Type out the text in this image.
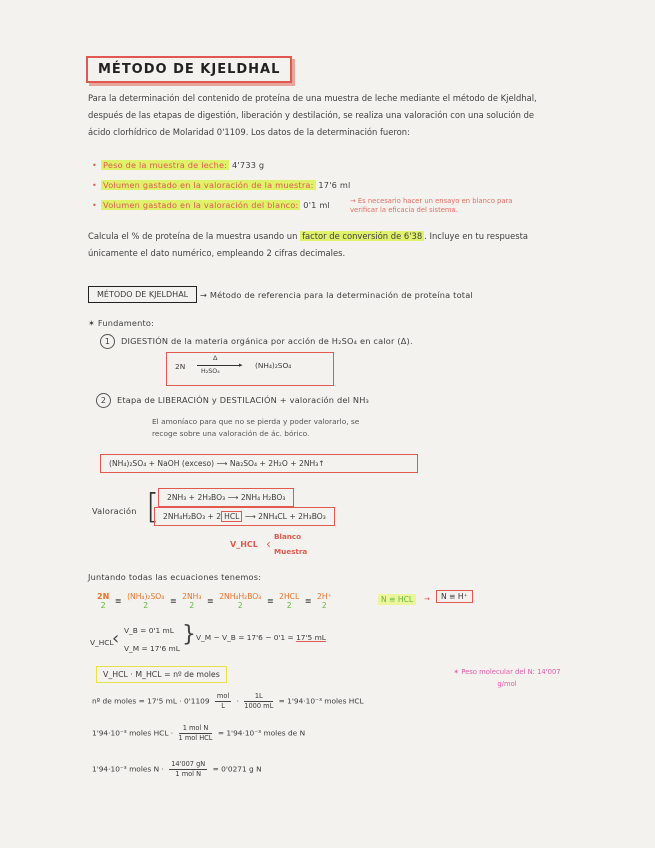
MÉTODO DE KJELDHAL
Para la determinación del contenido de proteína de una muestra de leche mediante el método de Kjeldhal, después de las etapas de digestión, liberación y destilación, se realiza una valoración con una solución de ácido clorhídrico de Molaridad 0'1109. Los datos de la determinación fueron:
• Peso de la muestra de leche: 4'733 g
• Volumen gastado en la valoración de la muestra: 17'6 ml
• Volumen gastado en la valoración del blanco: 0'1 ml	→ Es necesario hacer un ensayo en blanco para verificar la eficacia del sistema.
Calcula el % de proteína de la muestra usando un factor de conversión de 6'38 . Incluye en tu respuesta únicamente el dato numérico, empleando 2 cifras decimales.
MÉTODO DE KJELDHAL	→ Método de referencia para la determinación de proteína total
✶ Fundamento:
1 DIGESTIÓN de la materia orgánica por acción de H₂SO₄ en calor (Δ).
2N
Δ
▸
H₂SO₄
(NH₄)₂SO₄
2 Etapa de LIBERACIÓN y DESTILACIÓN + valoración del NH₃
El amoníaco para que no se pierda y poder valorarlo, se recoge sobre una valoración de ác. bórico.
(NH₄)₂SO₄ + NaOH (exceso) ⟶ Na₂SO₄ + 2H₂O + 2NH₃↑
Valoración [	2NH₃ + 2H₃BO₃ ⟶ 2NH₄ H₂BO₃
2NH₄H₂BO₃ + 2 HCL ⟶ 2NH₄CL + 2H₃BO₃
V_HCL ‹
Blanco
Muestra
Juntando todas las ecuaciones tenemos:
2N
2 ≡ (NH₄)₂SO₄
2	≡ 2NH₃
2	≡ 2NH₄H₂BO₃
2	≡ 2HCL
2	≡ 2H⁺
2
N ≡ HCL	→	N ≡ H⁺
V_HCL
‹ V_B = 0'1 mL
V_M = 17'6 mL
} V_M − V_B = 17'6 − 0'1 = 17'5 mL
V_HCL · M_HCL = nº de moles	✶ Peso molecular del N: 14'007 g/mol
nº de moles = 17'5 mL · $0'1109 \frac{\text{mol}}{L} \cdot \frac{1L}{1000 mL} = 1'94\cdot 10^{-3}$ moles HCL
1'94·10⁻³ moles HCL · $\frac{\text{1 mol N}}{\text{1 mol HCL}} = 1'94\cdot 10^{-3}$ moles de N
1'94·10⁻³ moles $N \cdot \frac{14'007 gN}{\text{1 mol N}} = 0'0271$ g N
